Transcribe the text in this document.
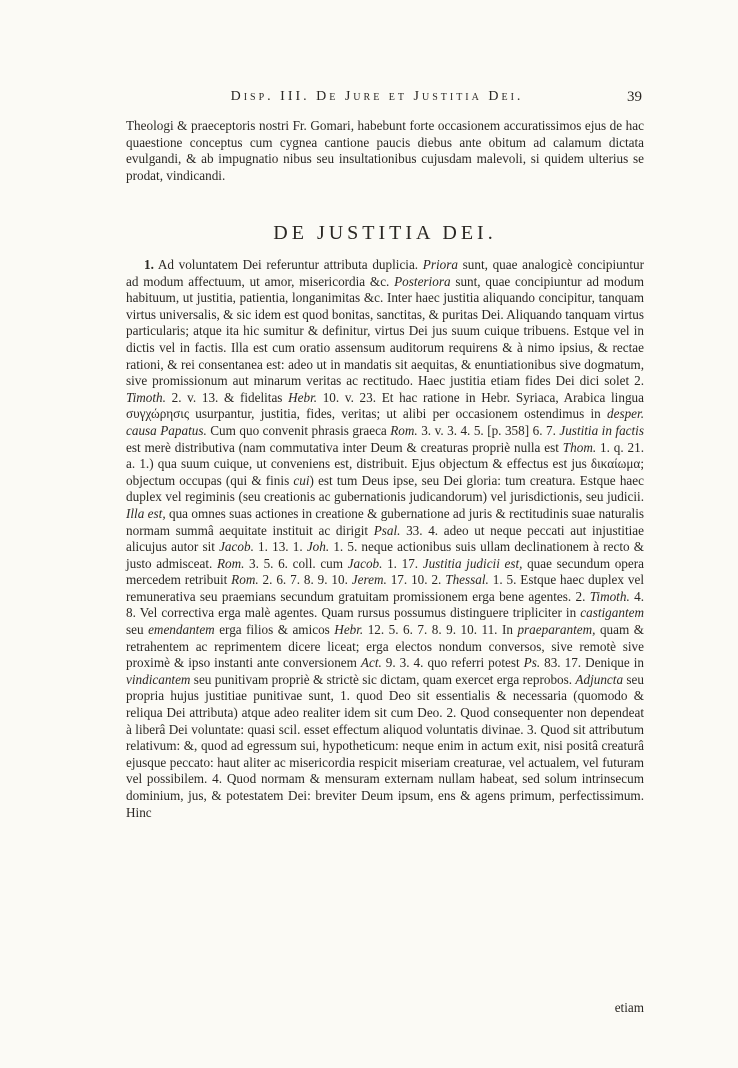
Disp. III. De Jure et Justitia Dei.	39

Theologi & praeceptoris nostri Fr. Gomari, habebunt forte occasionem accuratissimos ejus de hac quaestione conceptus cum cygnea cantione paucis diebus ante obitum ad calamum dictata evulgandi, & ab impugnatio nibus seu insultationibus cujusdam malevoli, si quidem ulterius se prodat, vindicandi.

DE JUSTITIA DEI.
1. Ad voluntatem Dei referuntur attributa duplicia. Priora sunt, quae analogicè concipiuntur ad modum affectuum, ut amor, misericordia &c. Posteriora sunt, quae concipiuntur ad modum habituum, ut justitia, patientia, longanimitas &c. Inter haec justitia aliquando concipitur, tanquam virtus universalis, & sic idem est quod bonitas, sanctitas, & puritas Dei. Aliquando tanquam virtus particularis; atque ita hic sumitur & definitur, virtus Dei jus suum cuique tribuens. Estque vel in dictis vel in factis. Illa est cum oratio assensum auditorum requirens & à nimo ipsius, & rectae rationi, & rei consentanea est: adeo ut in mandatis sit aequitas, & enuntiationibus sive dogmatum, sive promissionum aut minarum veritas ac rectitudo. Haec justitia etiam fides Dei dici solet 2. Timoth. 2. v. 13. & fidelitas Hebr. 10. v. 23. Et hac ratione in Hebr. Syriaca, Arabica lingua συγχώρησις usurpantur, justitia, fides, veritas; ut alibi per occasionem ostendimus in desper. causa Papatus. Cum quo convenit phrasis graeca Rom. 3. v. 3. 4. 5. [p. 358] 6. 7. Justitia in factis est merè distributiva (nam commutativa inter Deum & creaturas propriè nulla est Thom. 1. q. 21. a. 1.) qua suum cuique, ut conveniens est, distribuit. Ejus objectum & effectus est jus δικαίωμα; objectum occupas (qui & finis cui) est tum Deus ipse, seu Dei gloria: tum creatura. Estque haec duplex vel regiminis (seu creationis ac gubernationis judicandorum) vel jurisdictionis, seu judicii. Illa est, qua omnes suas actiones in creatione & gubernatione ad juris & rectitudinis suae naturalis normam summâ aequitate instituit ac dirigit Psal. 33. 4. adeo ut neque peccati aut injustitiae alicujus autor sit Jacob. 1. 13. 1. Joh. 1. 5. neque actionibus suis ullam declinationem à recto & justo admisceat. Rom. 3. 5. 6. coll. cum Jacob. 1. 17. Justitia judicii est, quae secundum opera mercedem retribuit Rom. 2. 6. 7. 8. 9. 10. Jerem. 17. 10. 2. Thessal. 1. 5. Estque haec duplex vel remunerativa seu praemians secundum gratuitam promissionem erga bene agentes. 2. Timoth. 4. 8. Vel correctiva erga malè agentes. Quam rursus possumus distinguere tripliciter in castigantem seu emendantem erga filios & amicos Hebr. 12. 5. 6. 7. 8. 9. 10. 11. In praeparantem, quam & retrahentem ac reprimentem dicere liceat; erga electos nondum conversos, sive remotè sive proximè & ipso instanti ante conversionem Act. 9. 3. 4. quo referri potest Ps. 83. 17. Denique in vindicantem seu punitivam propriè & strictè sic dictam, quam exercet erga reprobos. Adjuncta seu propria hujus justitiae punitivae sunt, 1. quod Deo sit essentialis & necessaria (quomodo & reliqua Dei attributa) atque adeo realiter idem sit cum Deo. 2. Quod consequenter non dependeat à liberâ Dei voluntate: quasi scil. esset effectum aliquod voluntatis divinae. 3. Quod sit attributum relativum: &, quod ad egressum sui, hypotheticum: neque enim in actum exit, nisi positâ creaturâ ejusque peccato: haut aliter ac misericordia respicit miseriam creaturae, vel actualem, vel futuram vel possibilem. 4. Quod normam & mensuram externam nullam habeat, sed solum intrinsecum dominium, jus, & potestatem Dei: breviter Deum ipsum, ens & agens primum, perfectissimum. Hinc
etiam
